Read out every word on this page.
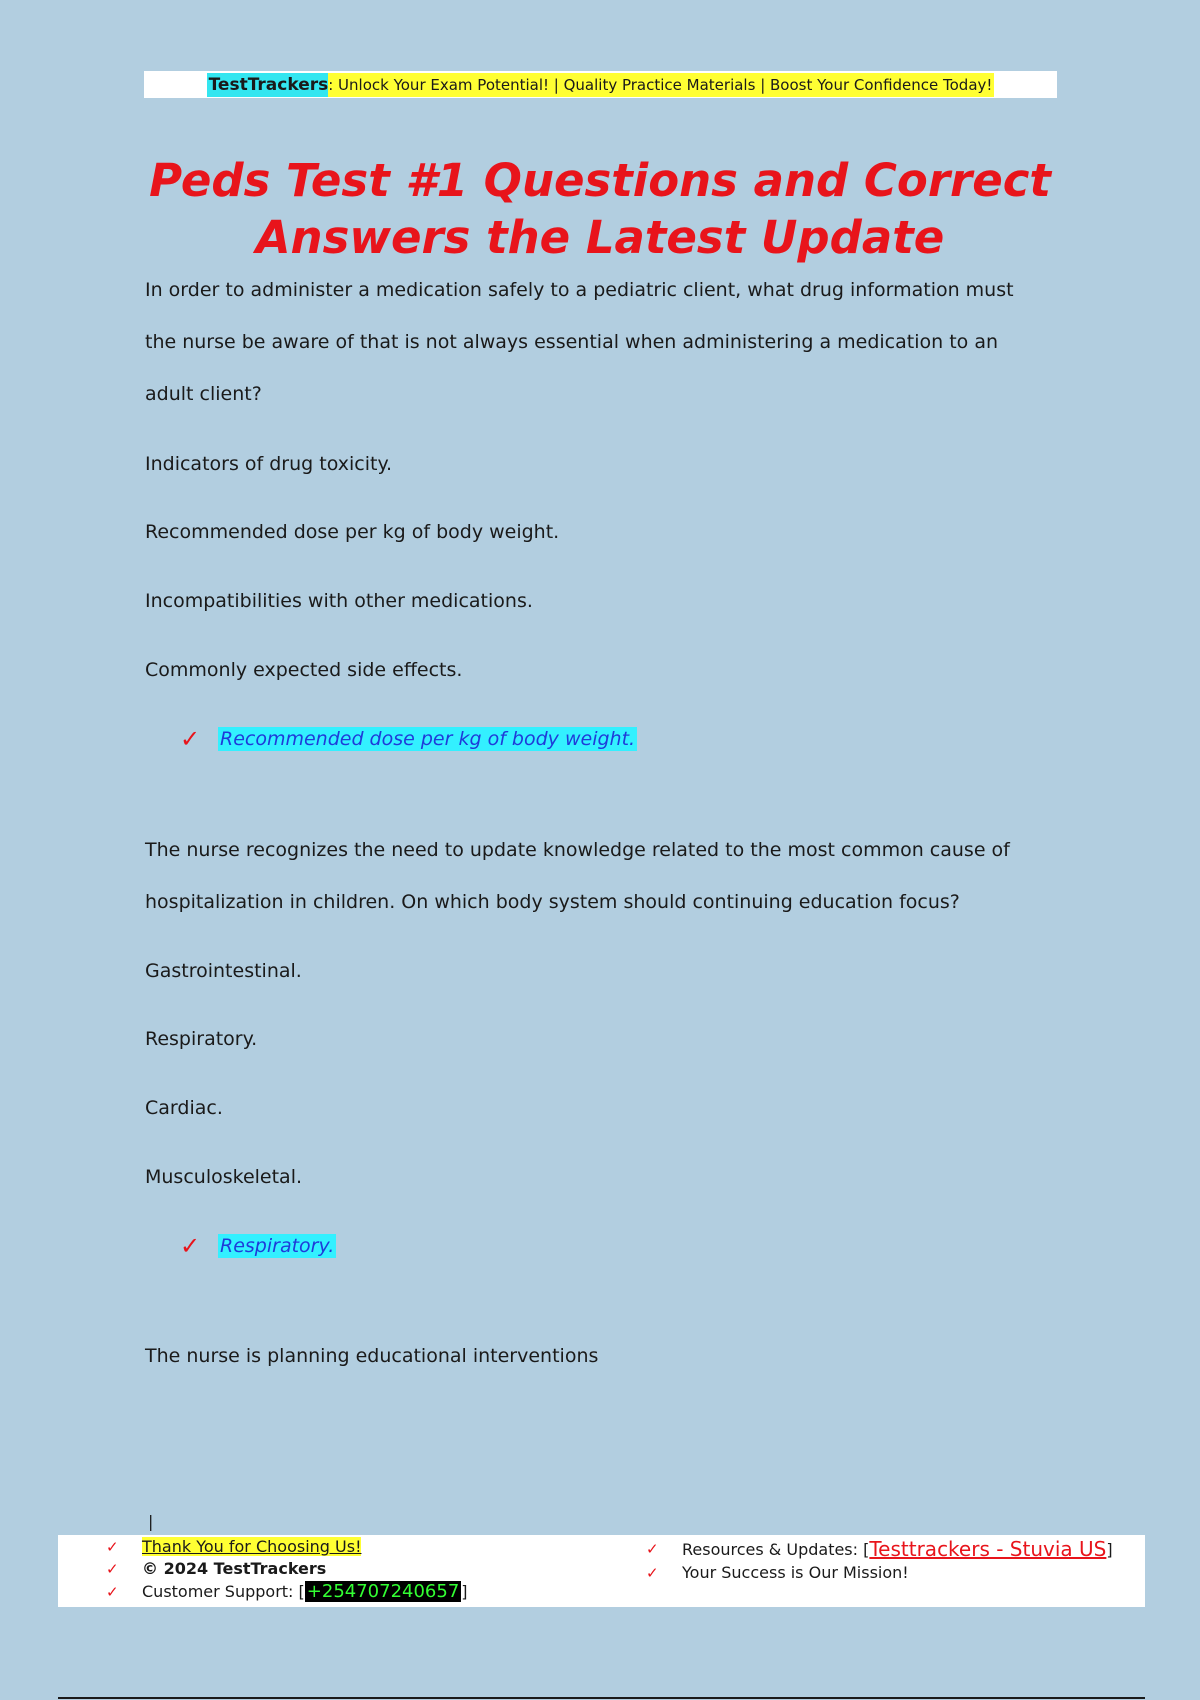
TestTrackers : Unlock Your Exam Potential! | Quality Practice Materials | Boost Your Confidence Today!
Peds Test #1 Questions and Correct Answers the Latest Update

In order to administer a medication safely to a pediatric client, what drug information must the nurse be aware of that is not always essential when administering a medication to an adult client?

Indicators of drug toxicity.

Recommended dose per kg of body weight.

Incompatibilities with other medications.

Commonly expected side effects.

✓	Recommended dose per kg of body weight.

The nurse recognizes the need to update knowledge related to the most common cause of hospitalization in children. On which body system should continuing education focus?

Gastrointestinal.

Respiratory.

Cardiac.

Musculoskeletal.

✓	Respiratory.

The nurse is planning educational interventions

|
✓	Thank You for Choosing Us!
✓	© 2024 TestTrackers
✓	Customer Support: [ +254707240657 ]
✓	Resources & Updates: [ Testtrackers - Stuvia US ]
✓	Your Success is Our Mission!
